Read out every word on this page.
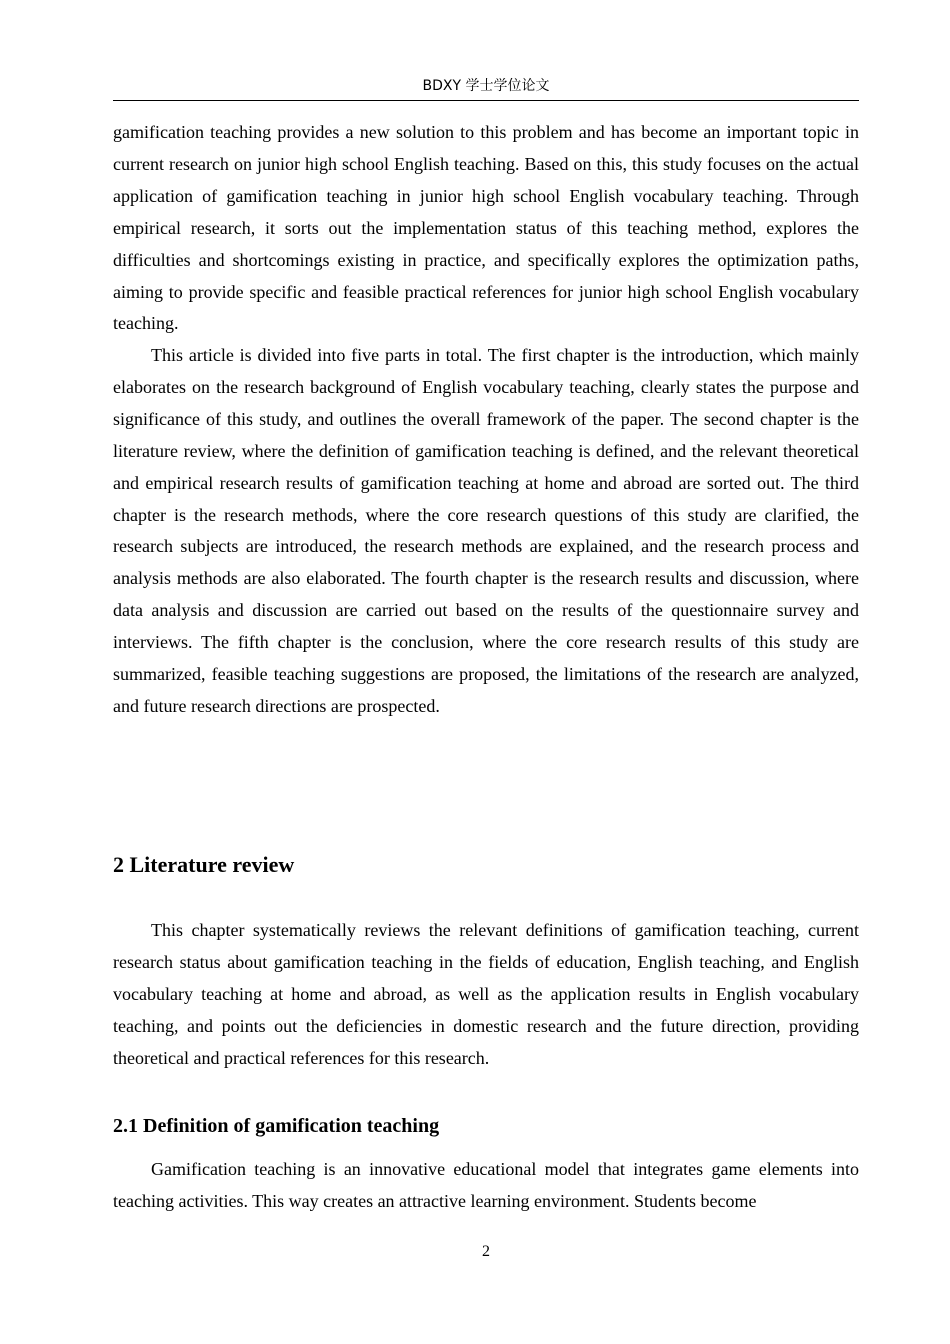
BDXY 学士学位论文

gamification teaching provides a new solution to this problem and has become an important topic in current research on junior high school English teaching. Based on this, this study focuses on the actual application of gamification teaching in junior high school English vocabulary teaching. Through empirical research, it sorts out the implementation status of this teaching method, explores the difficulties and shortcomings existing in practice, and specifically explores the optimization paths, aiming to provide specific and feasible practical references for junior high school English vocabulary teaching.

This article is divided into five parts in total. The first chapter is the introduction, which mainly elaborates on the research background of English vocabulary teaching, clearly states the purpose and significance of this study, and outlines the overall framework of the paper. The second chapter is the literature review, where the definition of gamification teaching is defined, and the relevant theoretical and empirical research results of gamification teaching at home and abroad are sorted out. The third chapter is the research methods, where the core research questions of this study are clarified, the research subjects are introduced, the research methods are explained, and the research process and analysis methods are also elaborated. The fourth chapter is the research results and discussion, where data analysis and discussion are carried out based on the results of the questionnaire survey and interviews. The fifth chapter is the conclusion, where the core research results of this study are summarized, feasible teaching suggestions are proposed, the limitations of the research are analyzed, and future research directions are prospected.

2 Literature review

This chapter systematically reviews the relevant definitions of gamification teaching, current research status about gamification teaching in the fields of education, English teaching, and English vocabulary teaching at home and abroad, as well as the application results in English vocabulary teaching, and points out the deficiencies in domestic research and the future direction, providing theoretical and practical references for this research.

2.1 Definition of gamification teaching

Gamification teaching is an innovative educational model that integrates game elements into teaching activities. This way creates an attractive learning environment. Students become

2
